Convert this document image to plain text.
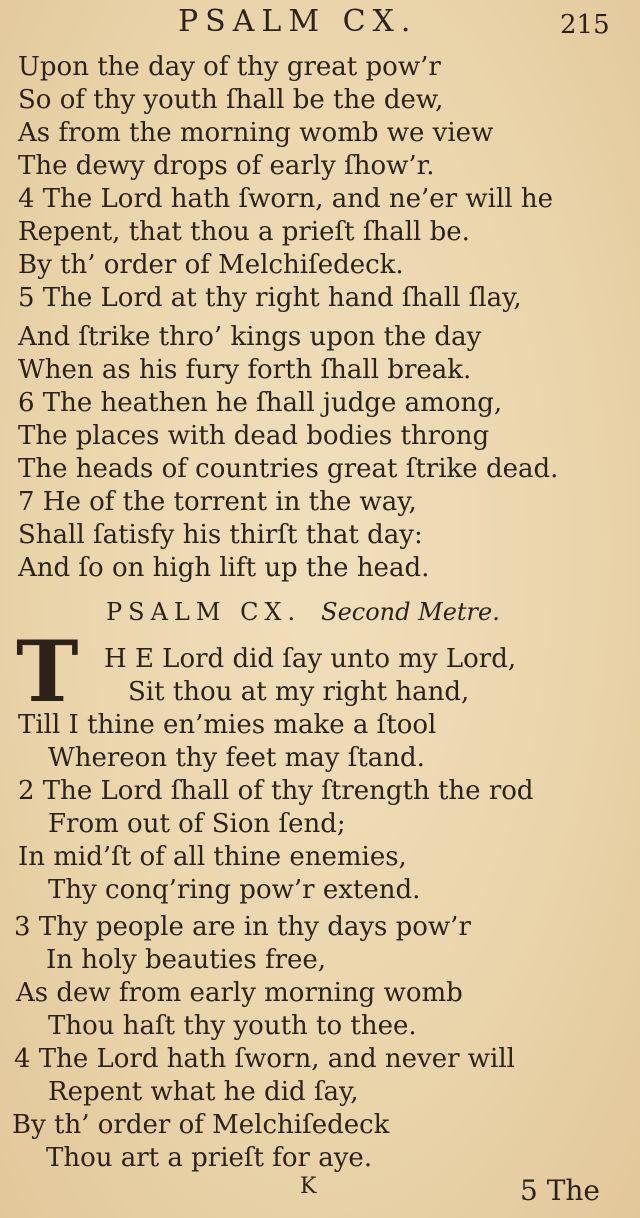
PSALM CX.	215
Upon the day of thy great pow’r
So of thy youth ſhall be the dew,
As from the morning womb we view
The dewy drops of early ſhow’r.
4 The Lord hath ſworn, and ne’er will he
Repent, that thou a prieſt ſhall be.
By th’ order of Melchiſedeck.
5 The Lord at thy right hand ſhall ſlay,
And ſtrike thro’ kings upon the day
When as his fury forth ſhall break.
6 The heathen he ſhall judge among,
The places with dead bodies throng
The heads of countries great ſtrike dead.
7 He of the torrent in the way,
Shall ſatisfy his thirſt that day:
And ſo on high lift up the head.
PSALM CX. Second Metre.
T H E Lord did ſay unto my Lord,
Sit thou at my right hand,
Till I thine en’mies make a ſtool
Whereon thy feet may ſtand.
2 The Lord ſhall of thy ſtrength the rod
From out of Sion ſend;
In mid’ſt of all thine enemies,
Thy conq’ring pow’r extend.
3 Thy people are in thy days pow’r
In holy beauties free,
As dew from early morning womb
Thou haſt thy youth to thee.
4 The Lord hath ſworn, and never will
Repent what he did ſay,
By th’ order of Melchiſedeck
Thou art a prieſt for aye.
K	5 The
